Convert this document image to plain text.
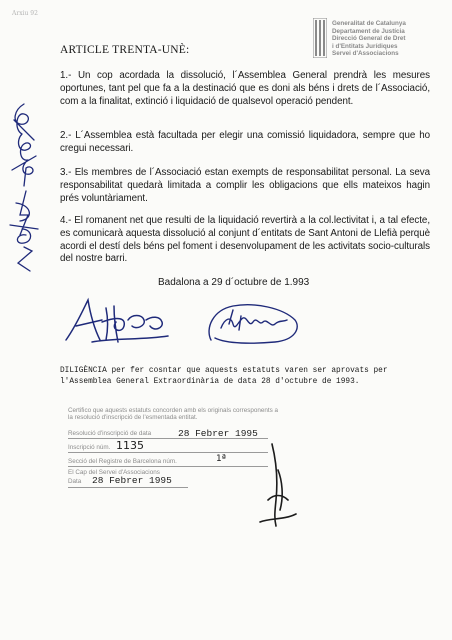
Arxiu 92
Generalitat de Catalunya
Departament de Justícia
Direcció General de Dret
i d'Entitats Jurídiques
Servei d'Associacions
ARTICLE TRENTA-UNÈ:
1.- Un cop acordada la dissolució, l´Assemblea General prendrà les mesures oportunes, tant pel que fa a la destinació que es doni als béns i drets de l´Associació, com a la finalitat, extinció i liquidació de qualsevol operació pendent.
2.- L´Assemblea està facultada per elegir una comissió liquidadora, sempre que ho cregui necessari.
3.- Els membres de l´Associació estan exempts de responsabilitat personal. La seva responsabilitat quedarà limitada a complir les obligacions que ells mateixos hagin prés voluntàriament.
4.- El romanent net que resulti de la liquidació revertirà a la col.lectivitat i, a tal efecte, es comunicarà aquesta dissolució al conjunt d´entitats de Sant Antoni de Llefià perquè acordi el destí dels béns pel foment i desenvolupament de les activitats socio-culturals del nostre barri.
Badalona a 29 d´octubre de 1.993
DILIGÈNCIA per fer cosntar que aquests estatuts varen ser aprovats per l'Assemblea General Extraordinària de data 28 d'octubre de 1993.
Certifico que aquests estatuts concorden amb els originals corresponents a la resolució d'inscripció de l'esmentada entitat.
Resolució d'inscripció de data	28 Febrer 1995
Inscripció núm. 1135
Secció del Registre de Barcelona núm.	1ª
El Cap del Servei d'Associacions
Data 28 Febrer 1995
